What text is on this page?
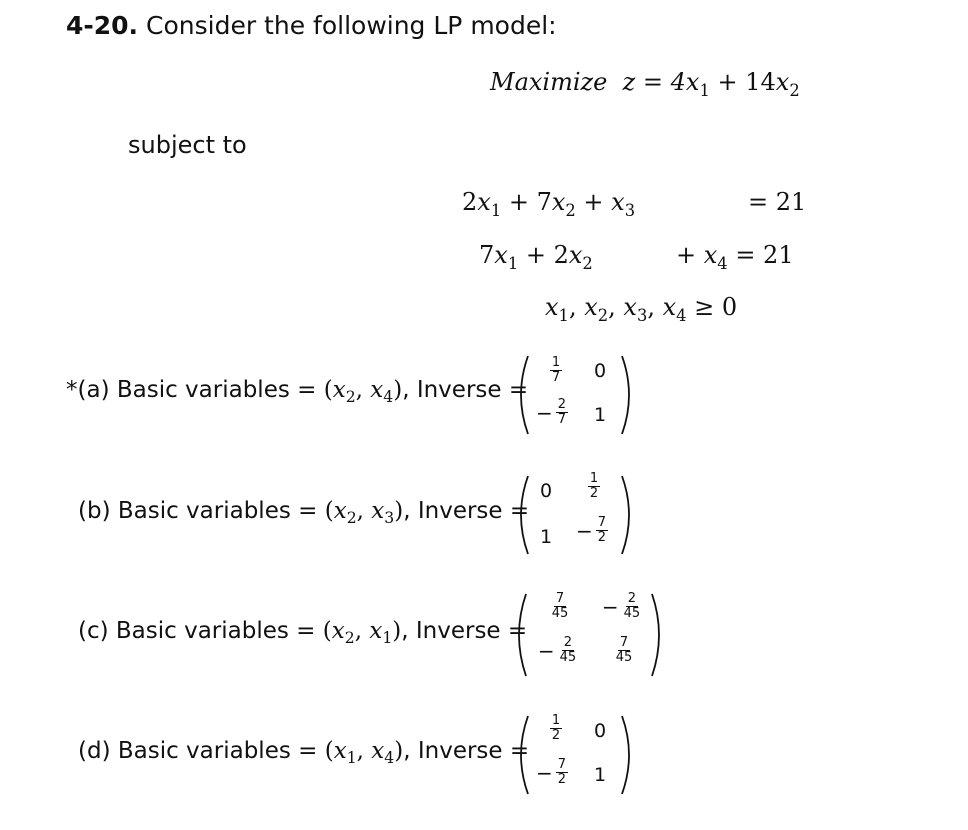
4-20. Consider the following LP model:
Maximize $z = 4x_1 + 14x_2$
subject to
$2x_1 + 7x_2 + x_3$	= 21
$7x_1 + 2x_2$	+ $x_4 = 21$
$x_1$, $x_2$, $x_3$, $x_4 \ge 0$
*(a) Basic variables = ($x_2$, $x_4$), Inverse =
(b) Basic variables = ($x_2$, $x_3$), Inverse =
(c) Basic variables = ($x_2$, $x_1$), Inverse =
(d) Basic variables = ($x_1$, $x_4$), Inverse =
$\frac{1}{7}$	0
− $\frac{2}{7}$	1
0	$\frac{1}{2}$
1	− $\frac{7}{2}$
$\frac{7}{45}$	− $\frac{2}{45}$
− $\frac{2}{45}$	$\frac{7}{45}$
$\frac{1}{2}$	0
− $\frac{7}{2}$	1
